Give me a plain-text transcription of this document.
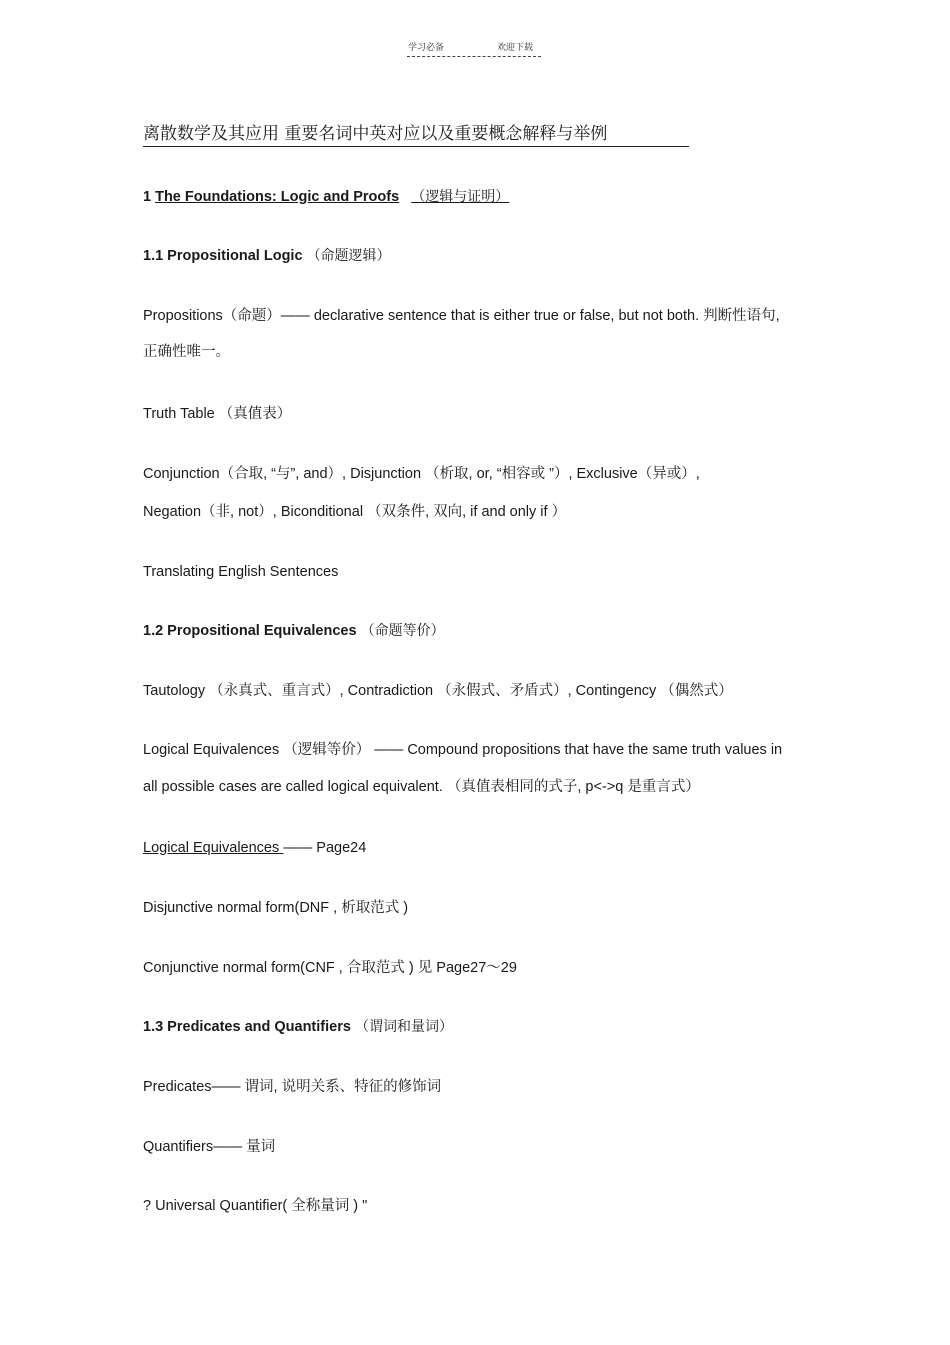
学习必备	欢迎下载
离散数学及其应用 重要名词中英对应以及重要概念解释与举例
1 The Foundations: Logic and Proofs （逻辑与证明）
1.1 Propositional Logic （命题逻辑）
Propositions（命题）—— declarative sentence that is either true or false, but not both. 判断性语句,
正确性唯一。
Truth Table （真值表）
Conjunction（合取, “与”, and）, Disjunction （析取, or, “相容或 ”）, Exclusive（异或）,
Negation（非, not）, Biconditional （双条件, 双向, if and only if ）
Translating English Sentences
1.2 Propositional Equivalences （命题等价）
Tautology （永真式、重言式）, Contradiction （永假式、矛盾式）, Contingency （偶然式）
Logical Equivalences （逻辑等价） —— Compound propositions that have the same truth values in
all possible cases are called logical equivalent. （真值表相同的式子, p<->q 是重言式）
Logical Equivalences —— Page24
Disjunctive normal form(DNF , 析取范式 )
Conjunctive normal form(CNF , 合取范式 ) 见 Page27～29
1.3 Predicates and Quantifiers （谓词和量词）
Predicates—— 谓词, 说明关系、特征的修饰词
Quantifiers—— 量词
? Universal Quantifier( 全称量词 ) "
